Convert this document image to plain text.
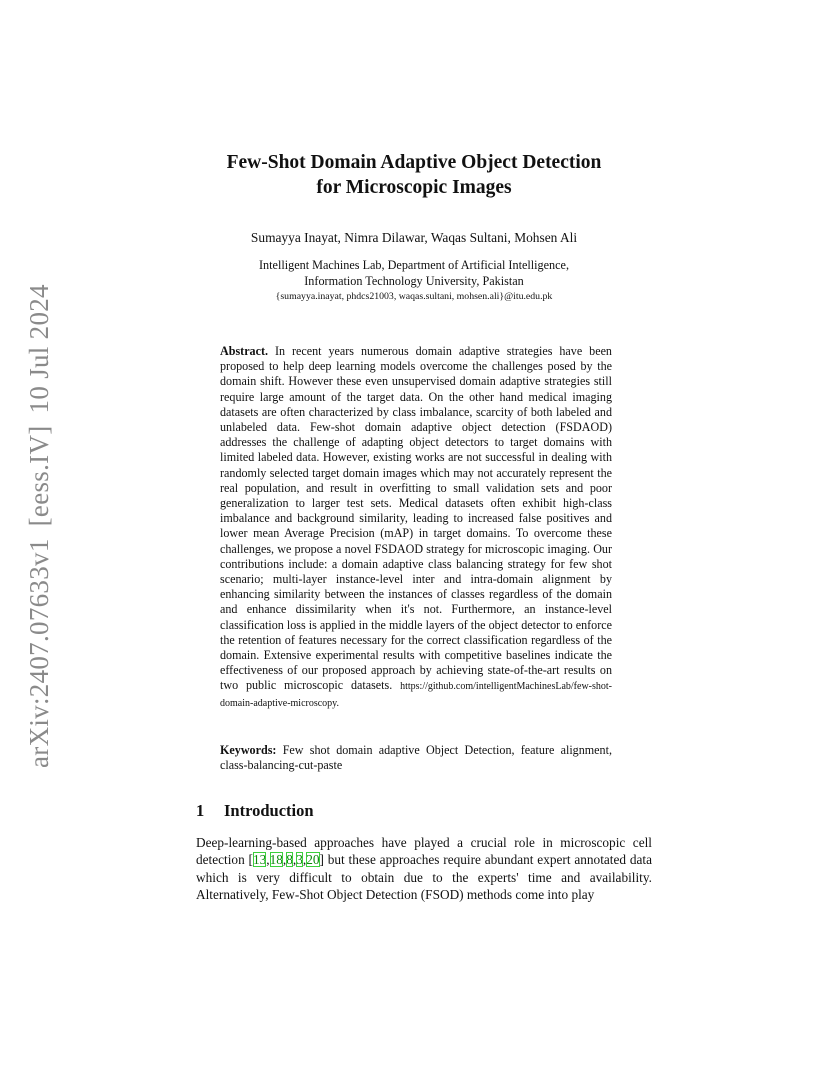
arXiv:2407.07633v1[eess.IV]10 Jul 2024
Few-Shot Domain Adaptive Object Detection
for Microscopic Images
Sumayya Inayat, Nimra Dilawar, Waqas Sultani, Mohsen Ali
Intelligent Machines Lab, Department of Artificial Intelligence,
Information Technology University, Pakistan
{sumayya.inayat, phdcs21003, waqas.sultani, mohsen.ali}@itu.edu.pk
Abstract. In recent years numerous domain adaptive strategies have been proposed to help deep learning models overcome the challenges posed by the domain shift. However these even unsupervised domain adaptive strategies still require large amount of the target data. On the other hand medical imaging datasets are often characterized by class imbalance, scarcity of both labeled and unlabeled data. Few-shot domain adaptive object detection (FSDAOD) addresses the challenge of adapting object detectors to target domains with limited labeled data. However, existing works are not successful in dealing with randomly selected target domain images which may not accurately represent the real population, and result in overfitting to small validation sets and poor generalization to larger test sets. Medical datasets often exhibit high-class imbalance and background similarity, leading to increased false positives and lower mean Average Precision (mAP) in target domains. To overcome these challenges, we propose a novel FSDAOD strategy for microscopic imaging. Our contributions include: a domain adaptive class balancing strategy for few shot scenario; multi-layer instance-level inter and intra-domain alignment by enhancing similarity between the instances of classes regardless of the domain and enhance dissimilarity when it's not. Furthermore, an instance-level classification loss is applied in the middle layers of the object detector to enforce the retention of features necessary for the correct classification regardless of the domain. Extensive experimental results with competitive baselines indicate the effectiveness of our proposed approach by achieving state-of-the-art results on two public microscopic datasets. https://github.com/intelligentMachinesLab/few-shot-domain-adaptive-microscopy.
Keywords: Few shot domain adaptive Object Detection, feature alignment, class-balancing-cut-paste
1 Introduction
Deep-learning-based approaches have played a crucial role in microscopic cell detection [13,18,8,3,20] but these approaches require abundant expert annotated data which is very difficult to obtain due to the experts' time and availability. Alternatively, Few-Shot Object Detection (FSOD) methods come into play
